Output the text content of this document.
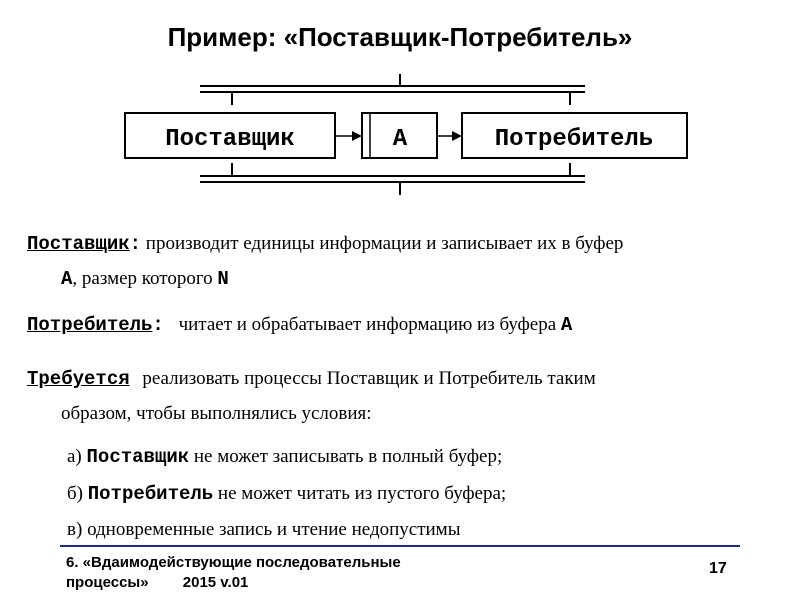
Пример: «Поставщик-Потребитель»
Поставщик	A	Потребитель
Поставщик: производит единицы информации и записывает их в буфер
A, размер которого N
Потребитель: читает и обрабатывает информацию из буфера A
Требуется реализовать процессы Поставщик и Потребитель таким
образом, чтобы выполнялись условия:
а) Поставщик не может записывать в полный буфер;
б) Потребитель не может читать из пустого буфера;
в) одновременные запись и чтение недопустимы
6. «Вдаимодействующие последовательные процессы» 2015 v.01
17
